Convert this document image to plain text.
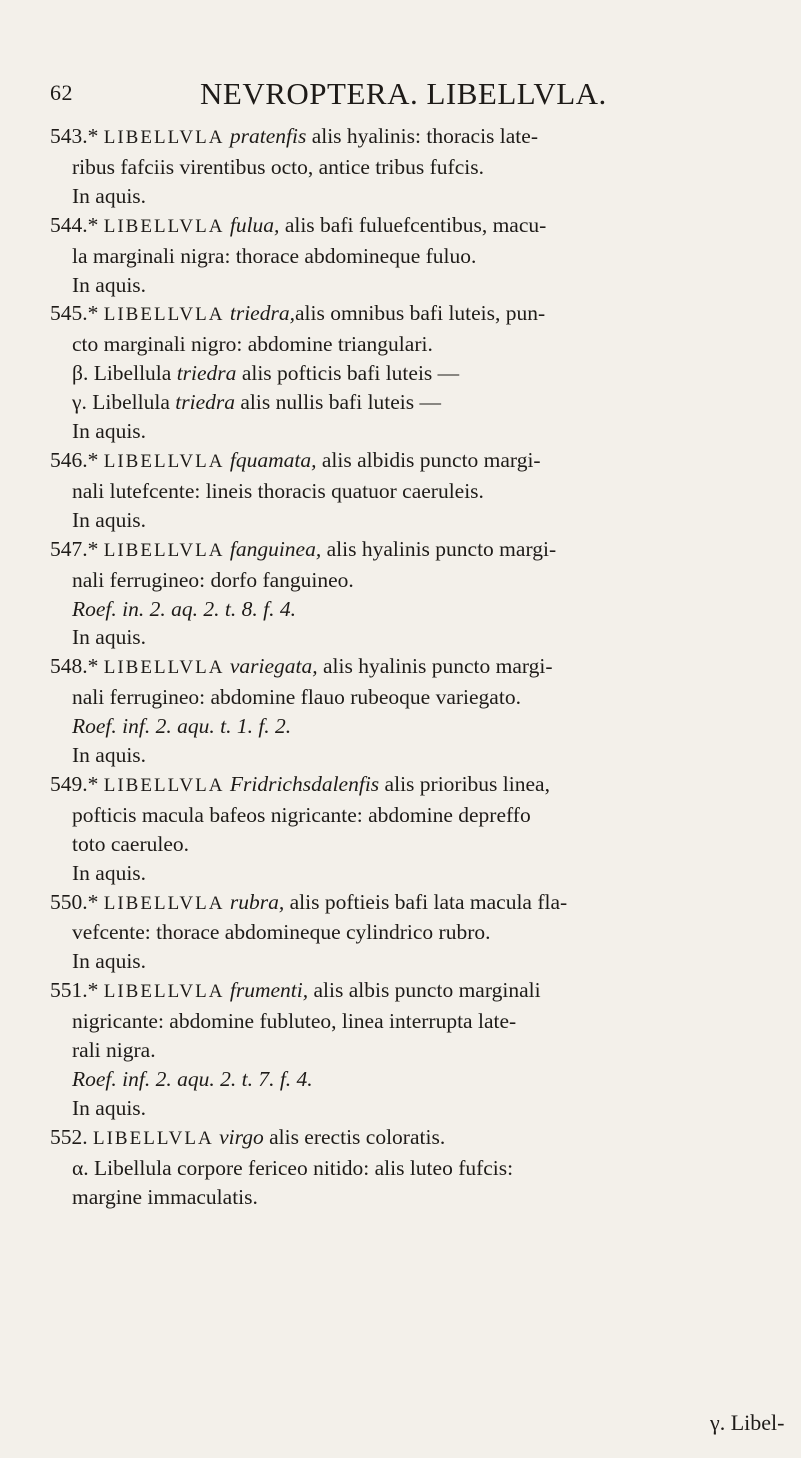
62	NEVROPTERA. LIBELLVLA.
543.* LIBELLVLA pratenfis alis hyalinis: thoracis late-
ribus fafciis virentibus octo, antice tribus fufcis.
In aquis.
544.* LIBELLVLA fulua, alis bafi fuluefcentibus, macu-
la marginali nigra: thorace abdomineque fuluo.
In aquis.
545.* LIBELLVLA triedra,alis omnibus bafi luteis, pun-
cto marginali nigro: abdomine triangulari.
β. Libellula triedra alis pofticis bafi luteis —
γ. Libellula triedra alis nullis bafi luteis —
In aquis.
546.* LIBELLVLA fquamata, alis albidis puncto margi-
nali lutefcente: lineis thoracis quatuor caeruleis.
In aquis.
547.* LIBELLVLA fanguinea, alis hyalinis puncto margi-
nali ferrugineo: dorfo fanguineo.
Roef. in. 2. aq. 2. t. 8. f. 4.
In aquis.
548.* LIBELLVLA variegata, alis hyalinis puncto margi-
nali ferrugineo: abdomine flauo rubeoque variegato.
Roef. inf. 2. aqu. t. 1. f. 2.
In aquis.
549.* LIBELLVLA Fridrichsdalenfis alis prioribus linea,
pofticis macula bafeos nigricante: abdomine depreffo
toto caeruleo.
In aquis.
550.* LIBELLVLA rubra, alis poftieis bafi lata macula fla-
vefcente: thorace abdomineque cylindrico rubro.
In aquis.
551.* LIBELLVLA frumenti, alis albis puncto marginali
nigricante: abdomine fubluteo, linea interrupta late-
rali nigra.
Roef. inf. 2. aqu. 2. t. 7. f. 4.
In aquis.
552. LIBELLVLA virgo alis erectis coloratis.
α. Libellula corpore ferіceo nitido: alis luteo fufcis:
margine immaculatis.
γ. Libel-
